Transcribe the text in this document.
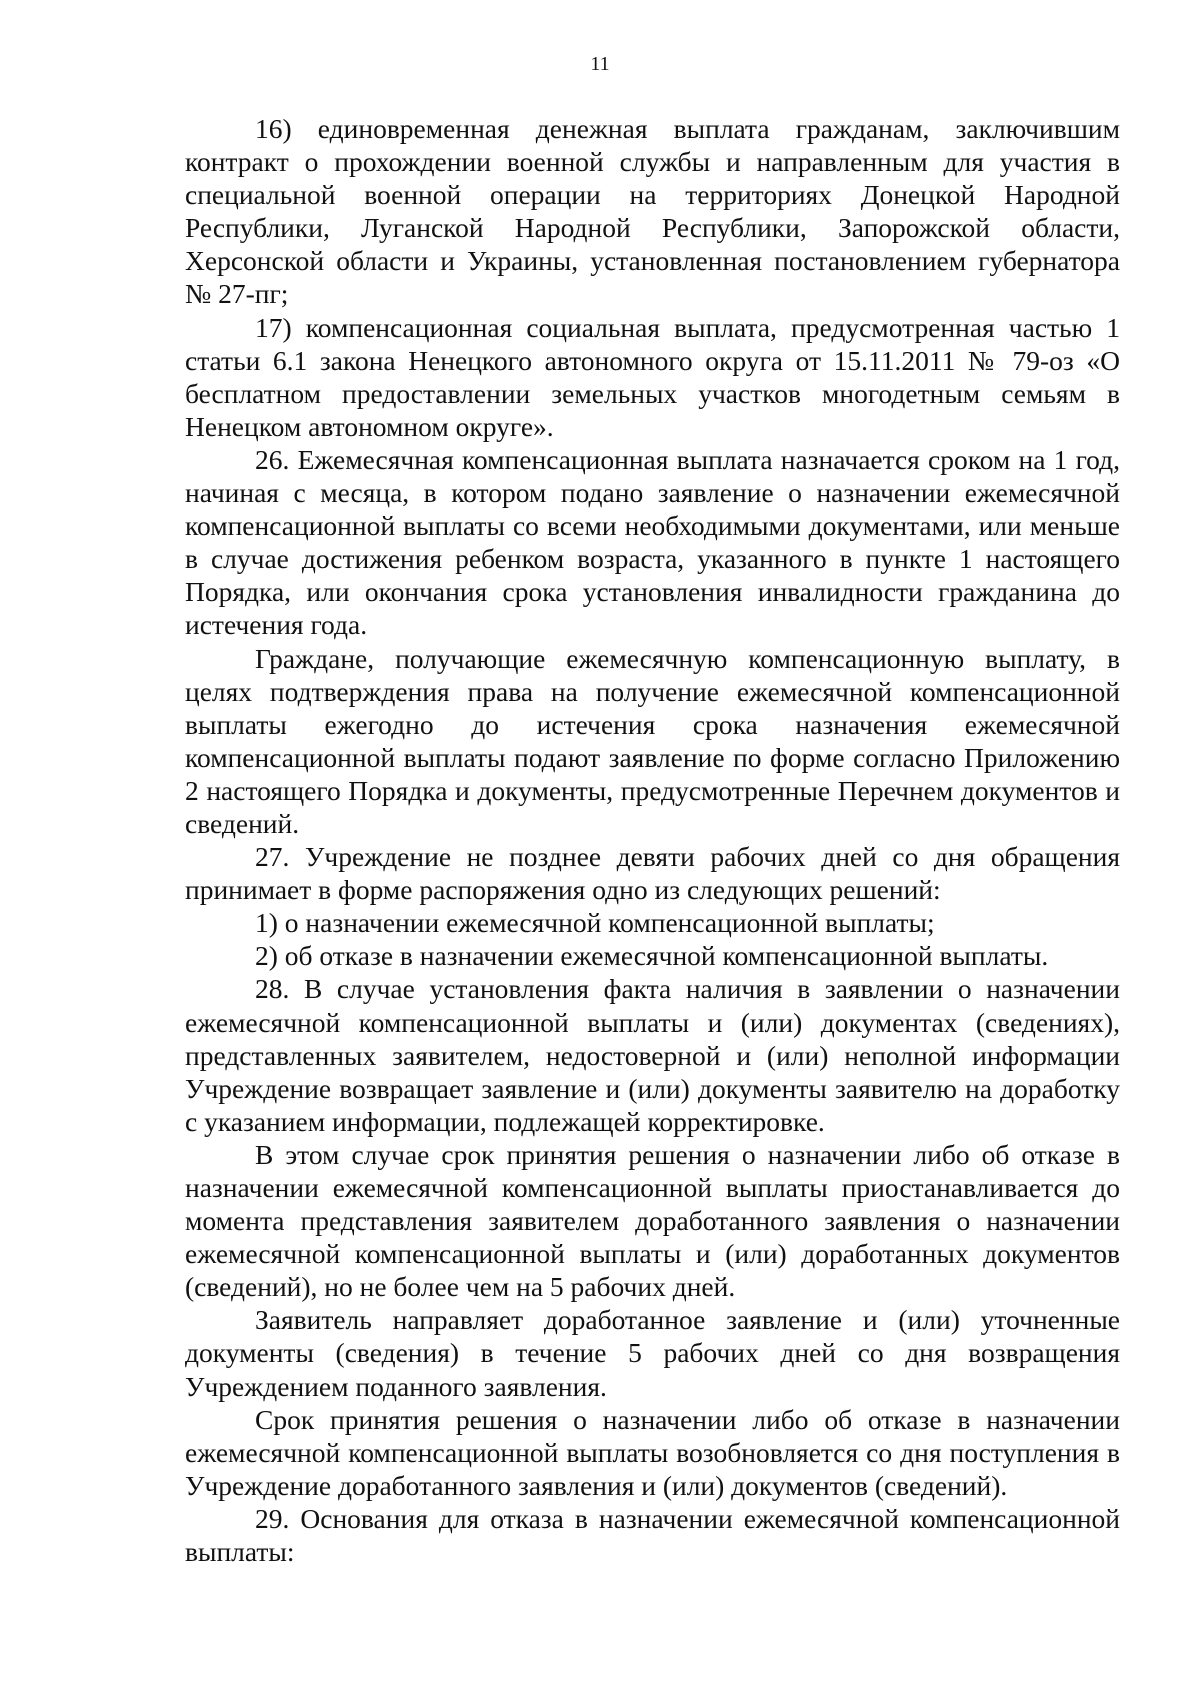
11

16) единовременная денежная выплата гражданам, заключившим контракт о прохождении военной службы и направленным для участия в специальной военной операции на территориях Донецкой Народной Республики, Луганской Народной Республики, Запорожской области, Херсонской области и Украины, установленная постановлением губернатора № 27-пг;

17) компенсационная социальная выплата, предусмотренная частью 1 статьи 6.1 закона Ненецкого автономного округа от 15.11.2011 № 79-оз «О бесплатном предоставлении земельных участков многодетным семьям в Ненецком автономном округе».

26. Ежемесячная компенсационная выплата назначается сроком на 1 год, начиная с месяца, в котором подано заявление о назначении ежемесячной компенсационной выплаты со всеми необходимыми документами, или меньше в случае достижения ребенком возраста, указанного в пункте 1 настоящего Порядка, или окончания срока установления инвалидности гражданина до истечения года.

Граждане, получающие ежемесячную компенсационную выплату, в целях подтверждения права на получение ежемесячной компенсационной выплаты ежегодно до истечения срока назначения ежемесячной компенсационной выплаты подают заявление по форме согласно Приложению 2 настоящего Порядка и документы, предусмотренные Перечнем документов и сведений.

27. Учреждение не позднее девяти рабочих дней со дня обращения принимает в форме распоряжения одно из следующих решений:

1) о назначении ежемесячной компенсационной выплаты;

2) об отказе в назначении ежемесячной компенсационной выплаты.

28. В случае установления факта наличия в заявлении о назначении ежемесячной компенсационной выплаты и (или) документах (сведениях), представленных заявителем, недостоверной и (или) неполной информации Учреждение возвращает заявление и (или) документы заявителю на доработку с указанием информации, подлежащей корректировке.

В этом случае срок принятия решения о назначении либо об отказе в назначении ежемесячной компенсационной выплаты приостанавливается до момента представления заявителем доработанного заявления о назначении ежемесячной компенсационной выплаты и (или) доработанных документов (сведений), но не более чем на 5 рабочих дней.

Заявитель направляет доработанное заявление и (или) уточненные документы (сведения) в течение 5 рабочих дней со дня возвращения Учреждением поданного заявления.

Срок принятия решения о назначении либо об отказе в назначении ежемесячной компенсационной выплаты возобновляется со дня поступления в Учреждение доработанного заявления и (или) документов (сведений).

29. Основания для отказа в назначении ежемесячной компенсационной выплаты:
